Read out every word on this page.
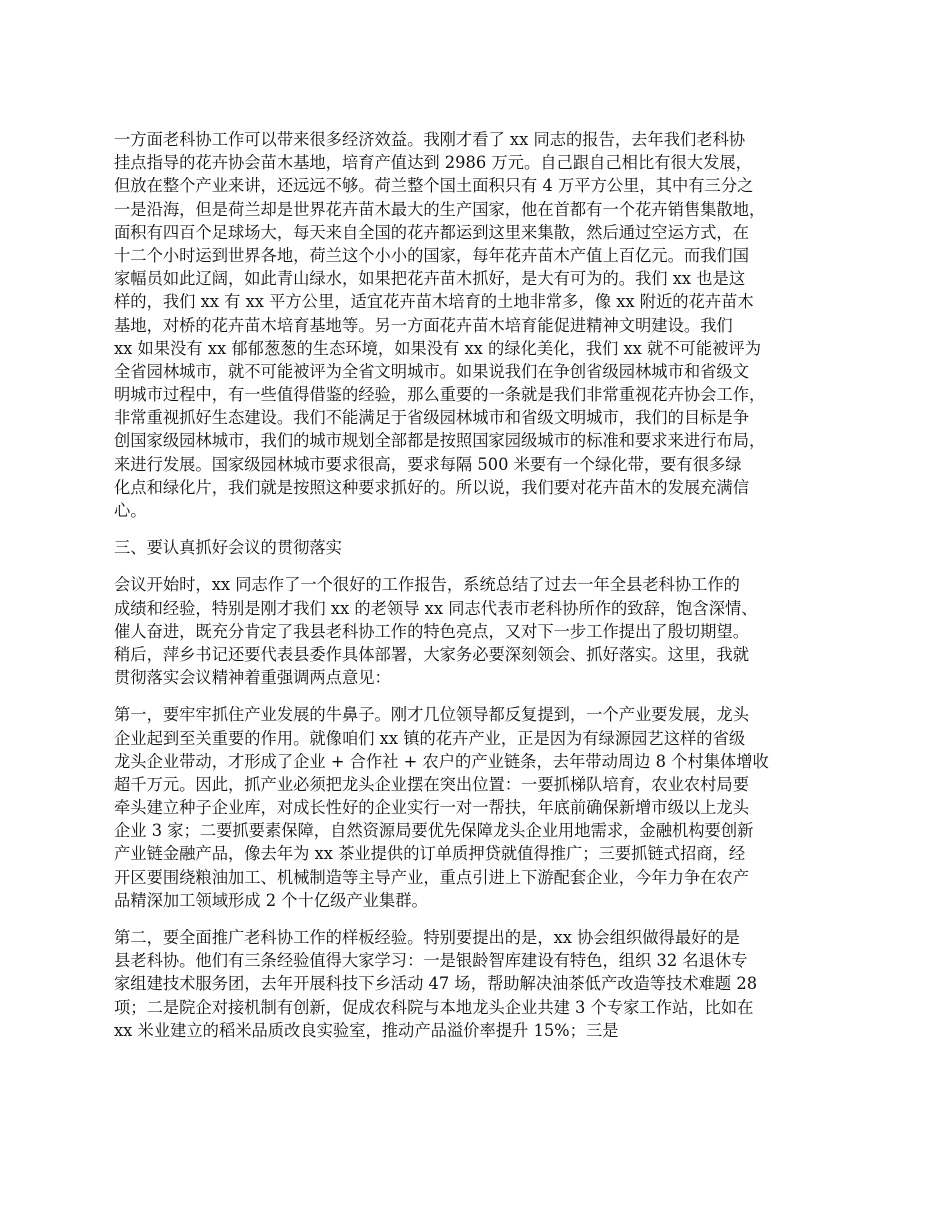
一方面老科协工作可以带来很多经济效益。我刚才看了 xx 同志的报告，去年我们老科协
挂点指导的花卉协会苗木基地，培育产值达到 2986 万元。自己跟自己相比有很大发展，
但放在整个产业来讲，还远远不够。荷兰整个国土面积只有 4 万平方公里，其中有三分之
一是沿海，但是荷兰却是世界花卉苗木最大的生产国家，他在首都有一个花卉销售集散地，
面积有四百个足球场大，每天来自全国的花卉都运到这里来集散，然后通过空运方式，在
十二个小时运到世界各地，荷兰这个小小的国家，每年花卉苗木产值上百亿元。而我们国
家幅员如此辽阔，如此青山绿水，如果把花卉苗木抓好，是大有可为的。我们 xx 也是这
样的，我们 xx 有 xx 平方公里，适宜花卉苗木培育的土地非常多，像 xx 附近的花卉苗木
基地，对桥的花卉苗木培育基地等。另一方面花卉苗木培育能促进精神文明建设。我们
xx 如果没有 xx 郁郁葱葱的生态环境，如果没有 xx 的绿化美化，我们 xx 就不可能被评为
全省园林城市，就不可能被评为全省文明城市。如果说我们在争创省级园林城市和省级文
明城市过程中，有一些值得借鉴的经验，那么重要的一条就是我们非常重视花卉协会工作，
非常重视抓好生态建设。我们不能满足于省级园林城市和省级文明城市，我们的目标是争
创国家级园林城市，我们的城市规划全部都是按照国家园级城市的标准和要求来进行布局，
来进行发展。国家级园林城市要求很高，要求每隔 500 米要有一个绿化带，要有很多绿
化点和绿化片，我们就是按照这种要求抓好的。所以说，我们要对花卉苗木的发展充满信
心。
三、要认真抓好会议的贯彻落实
会议开始时，xx 同志作了一个很好的工作报告，系统总结了过去一年全县老科协工作的
成绩和经验，特别是刚才我们 xx 的老领导 xx 同志代表市老科协所作的致辞，饱含深情、
催人奋进，既充分肯定了我县老科协工作的特色亮点，又对下一步工作提出了殷切期望。
稍后，萍乡书记还要代表县委作具体部署，大家务必要深刻领会、抓好落实。这里，我就
贯彻落实会议精神着重强调两点意见：
第一，要牢牢抓住产业发展的牛鼻子。刚才几位领导都反复提到，一个产业要发展，龙头
企业起到至关重要的作用。就像咱们 xx 镇的花卉产业，正是因为有绿源园艺这样的省级
龙头企业带动，才形成了企业 + 合作社 + 农户的产业链条，去年带动周边 8 个村集体增收
超千万元。因此，抓产业必须把龙头企业摆在突出位置：一要抓梯队培育，农业农村局要
牵头建立种子企业库，对成长性好的企业实行一对一帮扶，年底前确保新增市级以上龙头
企业 3 家；二要抓要素保障，自然资源局要优先保障龙头企业用地需求，金融机构要创新
产业链金融产品，像去年为 xx 茶业提供的订单质押贷就值得推广；三要抓链式招商，经
开区要围绕粮油加工、机械制造等主导产业，重点引进上下游配套企业，今年力争在农产
品精深加工领域形成 2 个十亿级产业集群。
第二，要全面推广老科协工作的样板经验。特别要提出的是，xx 协会组织做得最好的是
县老科协。他们有三条经验值得大家学习：一是银龄智库建设有特色，组织 32 名退休专
家组建技术服务团，去年开展科技下乡活动 47 场，帮助解决油茶低产改造等技术难题 28
项；二是院企对接机制有创新，促成农科院与本地龙头企业共建 3 个专家工作站，比如在
xx 米业建立的稻米品质改良实验室，推动产品溢价率提升 15%；三是
